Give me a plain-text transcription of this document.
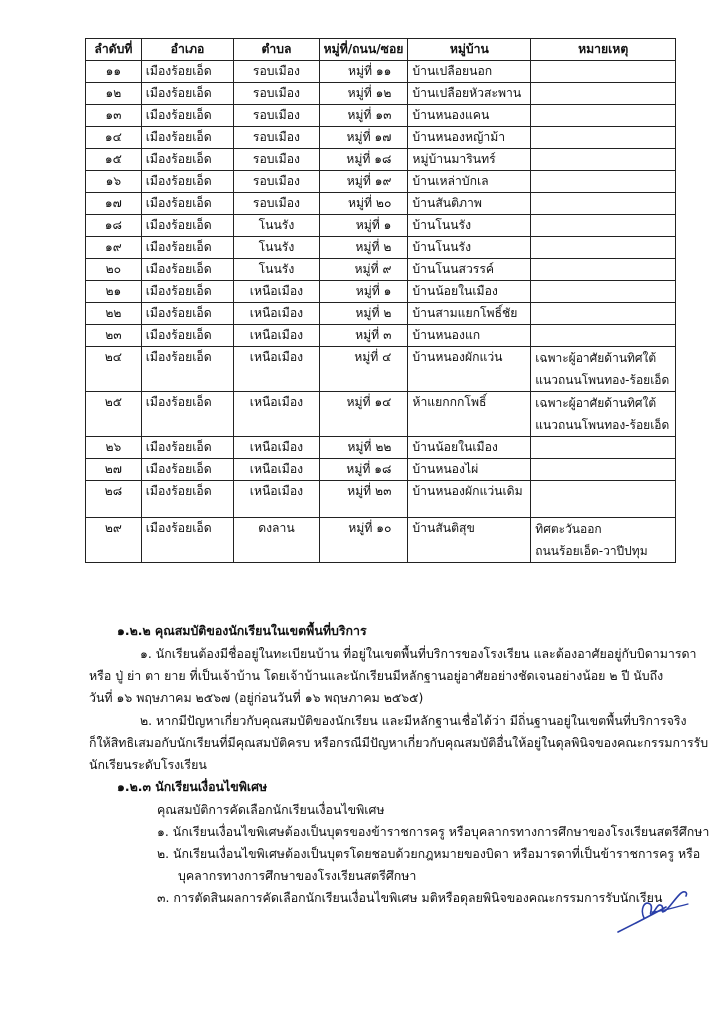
ลำดับที่	อำเภอ	ตำบล	หมู่ที่/ถนน/ซอย	หมู่บ้าน	หมายเหตุ
๑๑	เมืองร้อยเอ็ด	รอบเมือง	หมู่ที่ ๑๑	บ้านเปลือยนอก	
๑๒	เมืองร้อยเอ็ด	รอบเมือง	หมู่ที่ ๑๒	บ้านเปลือยหัวสะพาน	
๑๓	เมืองร้อยเอ็ด	รอบเมือง	หมู่ที่ ๑๓	บ้านหนองแคน	
๑๔	เมืองร้อยเอ็ด	รอบเมือง	หมู่ที่ ๑๗	บ้านหนองหญ้าม้า	
๑๕	เมืองร้อยเอ็ด	รอบเมือง	หมู่ที่ ๑๘	หมู่บ้านมารินทร์	
๑๖	เมืองร้อยเอ็ด	รอบเมือง	หมู่ที่ ๑๙	บ้านเหล่าบักเล	
๑๗	เมืองร้อยเอ็ด	รอบเมือง	หมู่ที่ ๒๐	บ้านสันติภาพ	
๑๘	เมืองร้อยเอ็ด	โนนรัง	หมู่ที่ ๑	บ้านโนนรัง	
๑๙	เมืองร้อยเอ็ด	โนนรัง	หมู่ที่ ๒	บ้านโนนรัง	
๒๐	เมืองร้อยเอ็ด	โนนรัง	หมู่ที่ ๙	บ้านโนนสวรรค์	
๒๑	เมืองร้อยเอ็ด	เหนือเมือง	หมู่ที่ ๑	บ้านน้อยในเมือง	
๒๒	เมืองร้อยเอ็ด	เหนือเมือง	หมู่ที่ ๒	บ้านสามแยกโพธิ์ชัย	
๒๓	เมืองร้อยเอ็ด	เหนือเมือง	หมู่ที่ ๓	บ้านหนองแก	
๒๔	เมืองร้อยเอ็ด	เหนือเมือง	หมู่ที่ ๔	บ้านหนองผักแว่น	เฉพาะผู้อาศัยด้านทิศใต้
แนวถนนโพนทอง-ร้อยเอ็ด

๒๕	เมืองร้อยเอ็ด	เหนือเมือง	หมู่ที่ ๑๔	ห้าแยกกกโพธิ์	เฉพาะผู้อาศัยด้านทิศใต้
แนวถนนโพนทอง-ร้อยเอ็ด

๒๖	เมืองร้อยเอ็ด	เหนือเมือง	หมู่ที่ ๒๒	บ้านน้อยในเมือง	
๒๗	เมืองร้อยเอ็ด	เหนือเมือง	หมู่ที่ ๑๘	บ้านหนองไผ่	
๒๘	เมืองร้อยเอ็ด	เหนือเมือง	หมู่ที่ ๒๓	บ้านหนองผักแว่นเดิม	
๒๙	เมืองร้อยเอ็ด	ดงลาน	หมู่ที่ ๑๐	บ้านสันติสุข	ทิศตะวันออก
ถนนร้อยเอ็ด-วาปีปทุม
๑.๒.๒ คุณสมบัติของนักเรียนในเขตพื้นที่บริการ
๑. นักเรียนต้องมีชื่ออยู่ในทะเบียนบ้าน ที่อยู่ในเขตพื้นที่บริการของโรงเรียน และต้องอาศัยอยู่กับบิดามารดา
หรือ ปู่ ย่า ตา ยาย ที่เป็นเจ้าบ้าน โดยเจ้าบ้านและนักเรียนมีหลักฐานอยู่อาศัยอย่างชัดเจนอย่างน้อย ๒ ปี นับถึง
วันที่ ๑๖ พฤษภาคม ๒๕๖๗ (อยู่ก่อนวันที่ ๑๖ พฤษภาคม ๒๕๖๕)
๒. หากมีปัญหาเกี่ยวกับคุณสมบัติของนักเรียน และมีหลักฐานเชื่อได้ว่า มีถิ่นฐานอยู่ในเขตพื้นที่บริการจริง
ก็ให้สิทธิเสมอกับนักเรียนที่มีคุณสมบัติครบ หรือกรณีมีปัญหาเกี่ยวกับคุณสมบัติอื่นให้อยู่ในดุลพินิจของคณะกรรมการรับ
นักเรียนระดับโรงเรียน
๑.๒.๓ นักเรียนเงื่อนไขพิเศษ
คุณสมบัติการคัดเลือกนักเรียนเงื่อนไขพิเศษ
๑. นักเรียนเงื่อนไขพิเศษต้องเป็นบุตรของข้าราชการครู หรือบุคลากรทางการศึกษาของโรงเรียนสตรีศึกษา
๒. นักเรียนเงื่อนไขพิเศษต้องเป็นบุตรโดยชอบด้วยกฎหมายของบิดา หรือมารดาที่เป็นข้าราชการครู หรือ
บุคลากรทางการศึกษาของโรงเรียนสตรีศึกษา
๓. การตัดสินผลการคัดเลือกนักเรียนเงื่อนไขพิเศษ มติหรือดุลยพินิจของคณะกรรมการรับนักเรียน
